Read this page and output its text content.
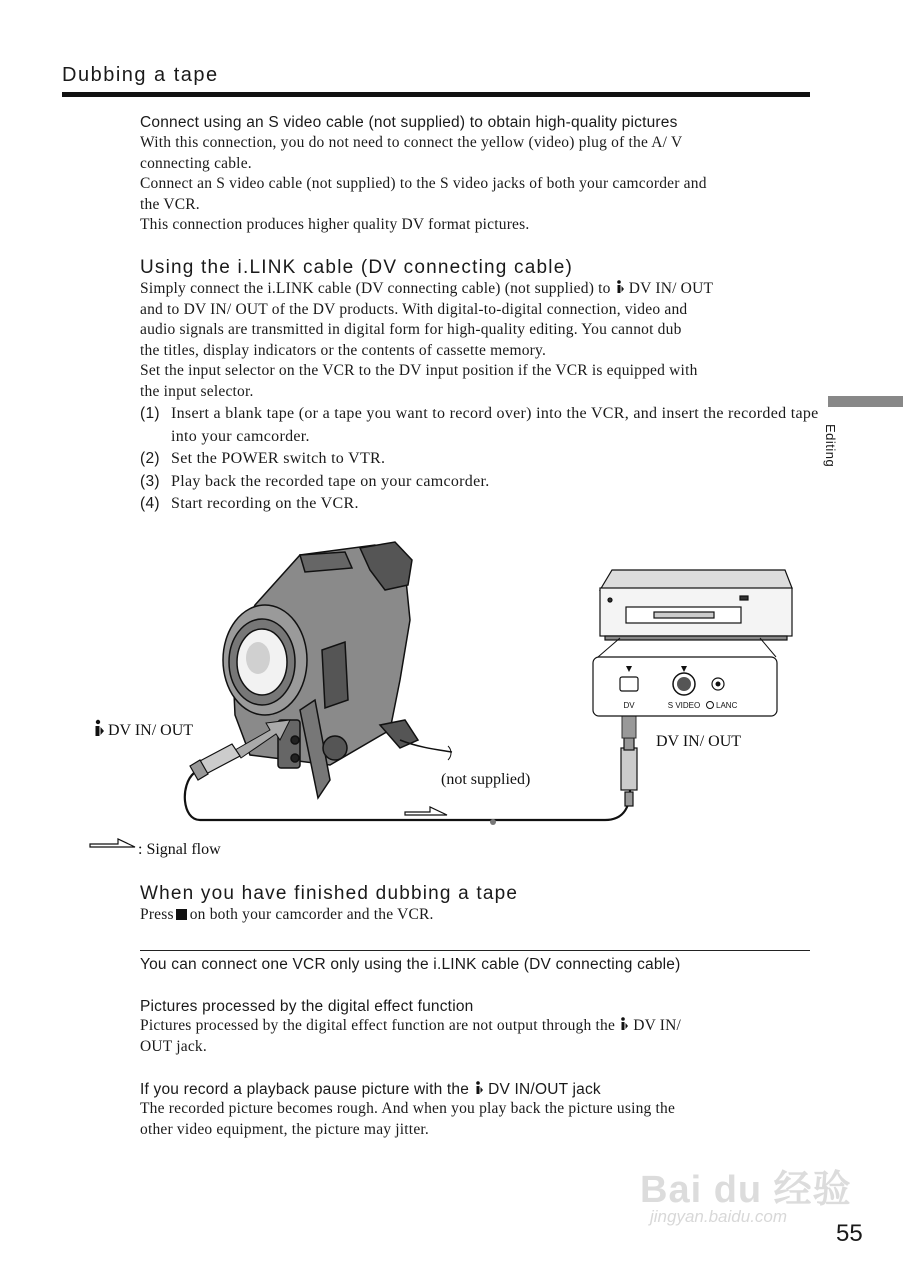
Dubbing a tape
Editing
Connect using an S video cable (not supplied) to obtain high-quality pictures

With this connection, you do not need to connect the yellow (video) plug of the A/ V

connecting cable.

Connect an S video cable (not supplied) to the S video jacks of both your camcorder and

the VCR.

This connection produces higher quality DV format pictures.

Using the i.LINK cable (DV connecting cable)

Simply connect the i.LINK cable (DV connecting cable) (not supplied) to DV IN/ OUT

and to DV IN/ OUT of the DV products. With digital-to-digital connection, video and

audio signals are transmitted in digital form for high-quality editing. You cannot dub

the titles, display indicators or the contents of cassette memory.

Set the input selector on the VCR to the DV input position if the VCR is equipped with

the input selector.

(1) Insert a blank tape (or a tape you want to record over) into the VCR, and insert the recorded tape into your camcorder.
(2) Set the POWER switch to VTR.
(3) Play back the recorded tape on your camcorder.
(4) Start recording on the VCR.
DV	S VIDEO LANC
DV IN/ OUT
DV IN/ OUT
(not supplied)
: Signal flow
When you have finished dubbing a tape
Press on both your camcorder and the VCR.
You can connect one VCR only using the i.LINK cable (DV connecting cable)
Pictures processed by the digital effect function

Pictures processed by the digital effect function are not output through the DV IN/

OUT jack.

If you record a playback pause picture with the DV IN/OUT jack

The recorded picture becomes rough. And when you play back the picture using the

other video equipment, the picture may jitter.

Bai du 经验
jingyan.baidu.com
55
